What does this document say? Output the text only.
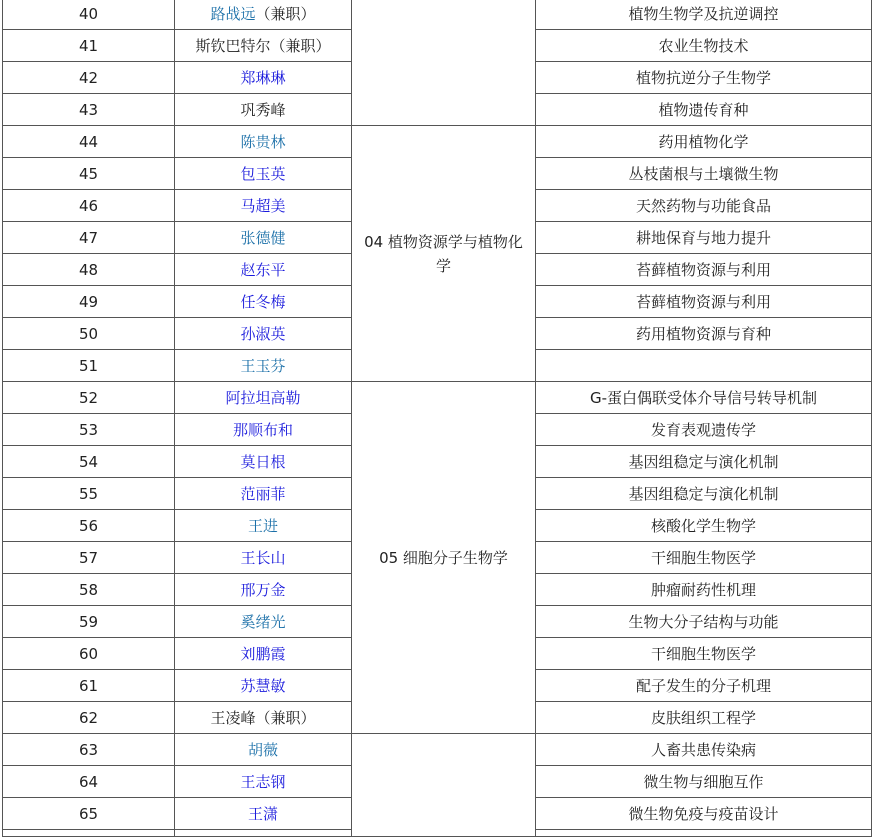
40	路战远（兼职）		植物生物学及抗逆调控
41	斯钦巴特尔（兼职）		农业生物技术
42	郑琳琳		植物抗逆分子生物学
43	巩秀峰		植物遗传育种
44	陈贵林	04 植物资源学与植物化学	药用植物化学
45	包玉英		丛枝菌根与土壤微生物
46	马超美		天然药物与功能食品
47	张德健		耕地保育与地力提升
48	赵东平		苔藓植物资源与利用
49	任冬梅		苔藓植物资源与利用
50	孙淑英		药用植物资源与育种
51	王玉芬		
52	阿拉坦高勒	05 细胞分子生物学	G-蛋白偶联受体介导信号转导机制
53	那顺布和		发育表观遗传学
54	莫日根		基因组稳定与演化机制
55	范丽菲		基因组稳定与演化机制
56	王进		核酸化学生物学
57	王长山		干细胞生物医学
58	邢万金		肿瘤耐药性机理
59	奚绪光		生物大分子结构与功能
60	刘鹏霞		干细胞生物医学
61	苏慧敏		配子发生的分子机理
62	王凌峰（兼职）		皮肤组织工程学
63	胡薇		人畜共患传染病
64	王志钢		微生物与细胞互作
65	王潇		微生物免疫与疫苗设计
